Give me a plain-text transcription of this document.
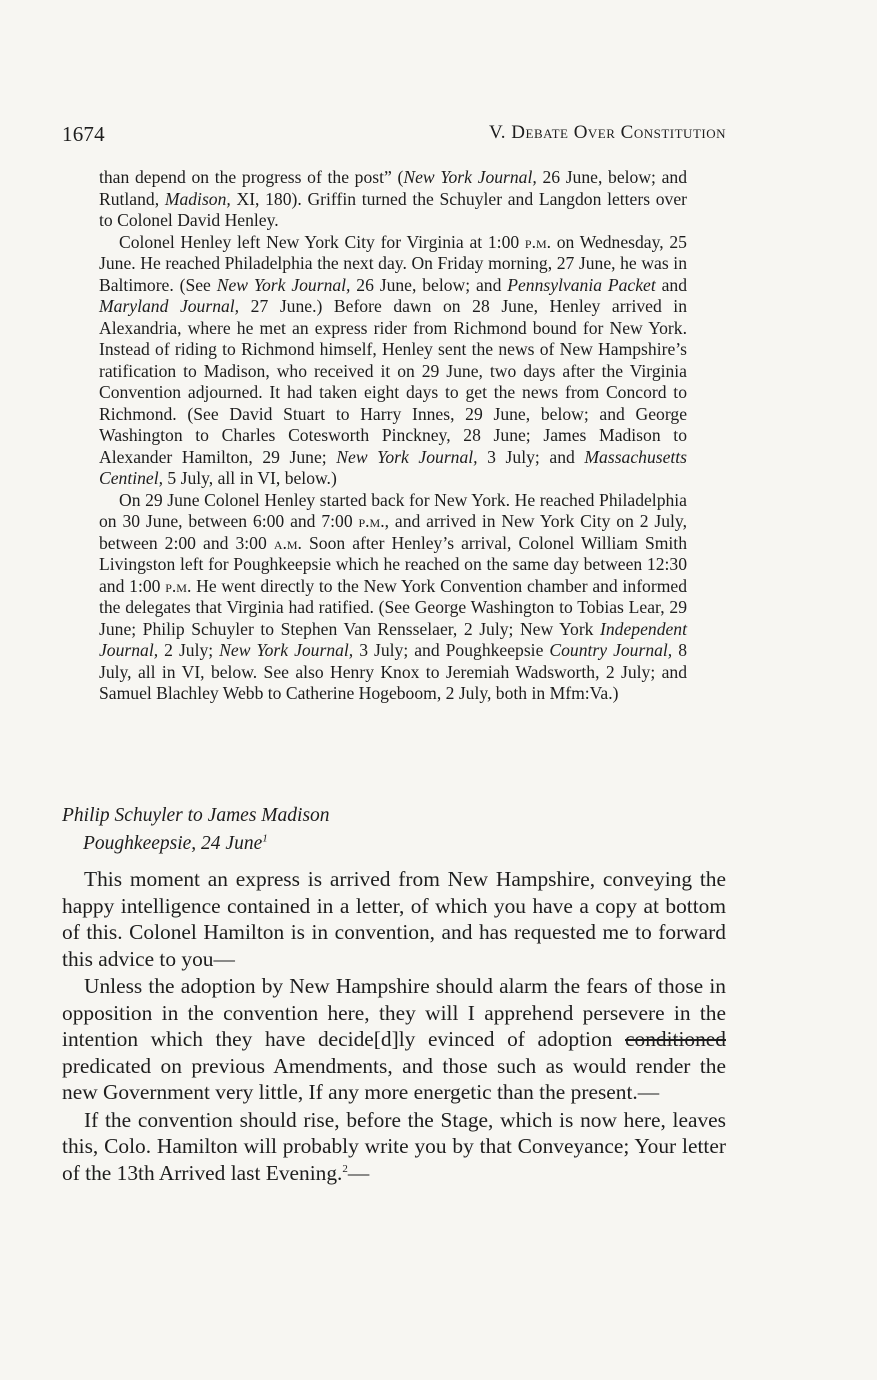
1674	V. Debate Over Constitution

than depend on the progress of the post” (New York Journal, 26 June, below; and Rutland, Madison, XI, 180). Griffin turned the Schuyler and Langdon letters over to Colonel David Henley.

Colonel Henley left New York City for Virginia at 1:00 p.m. on Wednesday, 25 June. He reached Philadelphia the next day. On Friday morning, 27 June, he was in Baltimore. (See New York Journal, 26 June, below; and Pennsylvania Packet and Maryland Journal, 27 June.) Before dawn on 28 June, Henley arrived in Alexandria, where he met an express rider from Richmond bound for New York. Instead of riding to Richmond himself, Henley sent the news of New Hampshire’s ratification to Madison, who received it on 29 June, two days after the Virginia Convention adjourned. It had taken eight days to get the news from Concord to Richmond. (See David Stuart to Harry Innes, 29 June, below; and George Washington to Charles Cotesworth Pinckney, 28 June; James Madison to Alexander Hamilton, 29 June; New York Journal, 3 July; and Massachusetts Centinel, 5 July, all in VI, below.)

On 29 June Colonel Henley started back for New York. He reached Philadelphia on 30 June, between 6:00 and 7:00 p.m., and arrived in New York City on 2 July, between 2:00 and 3:00 a.m. Soon after Henley’s arrival, Colonel William Smith Livingston left for Poughkeepsie which he reached on the same day between 12:30 and 1:00 p.m. He went directly to the New York Convention chamber and informed the delegates that Virginia had ratified. (See George Washington to Tobias Lear, 29 June; Philip Schuyler to Stephen Van Rensselaer, 2 July; New York Independent Journal, 2 July; New York Journal, 3 July; and Poughkeepsie Country Journal, 8 July, all in VI, below. See also Henry Knox to Jeremiah Wadsworth, 2 July; and Samuel Blachley Webb to Catherine Hogeboom, 2 July, both in Mfm:Va.)

Philip Schuyler to James Madison
Poughkeepsie, 24 June$^1$

This moment an express is arrived from New Hampshire, conveying the happy intelligence contained in a letter, of which you have a copy at bottom of this. Colonel Hamilton is in convention, and has requested me to forward this advice to you—

Unless the adoption by New Hampshire should alarm the fears of those in opposition in the convention here, they will I apprehend persevere in the intention which they have decide[d]ly evinced of adoption conditioned predicated on previous Amendments, and those such as would render the new Government very little, If any more energetic than the present.—

If the convention should rise, before the Stage, which is now here, leaves this, Colo. Hamilton will probably write you by that Conveyance; Your letter of the 13th Arrived last Evening.$^2$—
